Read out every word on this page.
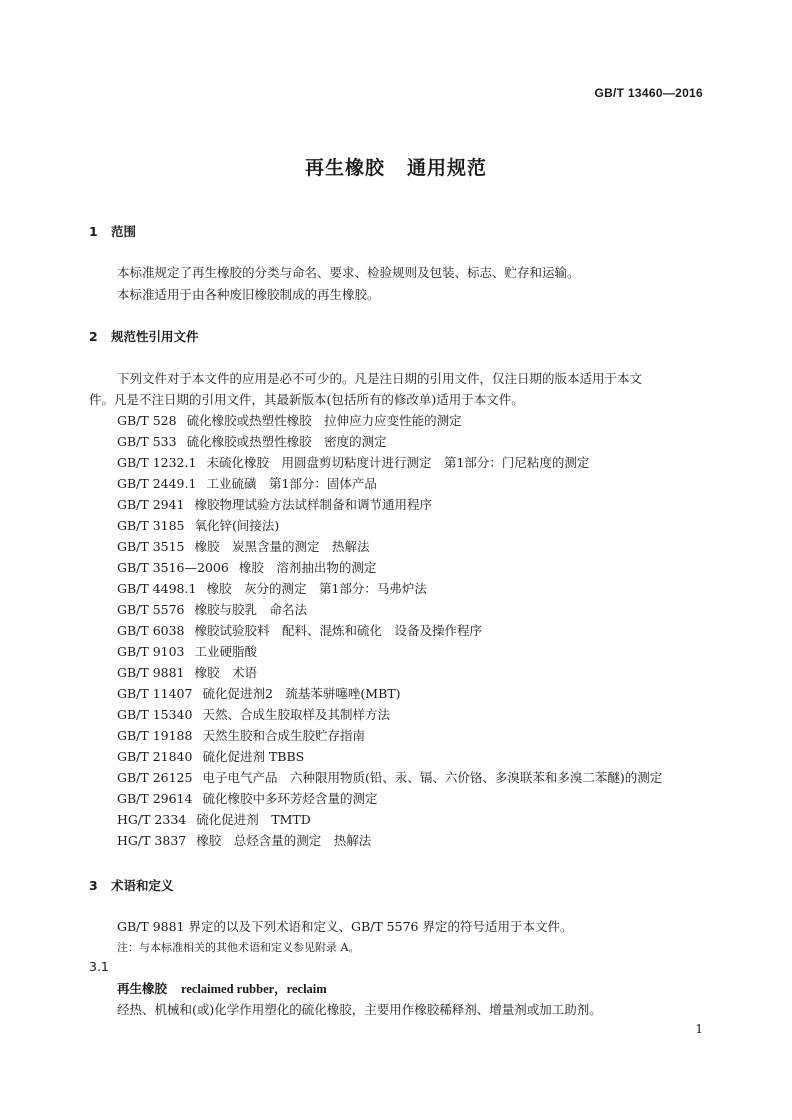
GB/T 13460—2016
再生橡胶 通用规范
1 范围
本标准规定了再生橡胶的分类与命名、要求、检验规则及包装、标志、贮存和运输。
本标准适用于由各种废旧橡胶制成的再生橡胶。
2 规范性引用文件
下列文件对于本文件的应用是必不可少的。凡是注日期的引用文件，仅注日期的版本适用于本文
件。凡是不注日期的引用文件，其最新版本(包括所有的修改单)适用于本文件。
GB/T 528 硫化橡胶或热塑性橡胶　拉伸应力应变性能的测定
GB/T 533 硫化橡胶或热塑性橡胶　密度的测定
GB/T 1232.1 未硫化橡胶　用圆盘剪切粘度计进行测定　第1部分：门尼粘度的测定
GB/T 2449.1 工业硫磺　第1部分：固体产品
GB/T 2941 橡胶物理试验方法试样制备和调节通用程序
GB/T 3185 氧化锌(间接法)
GB/T 3515 橡胶　炭黑含量的测定　热解法
GB/T 3516—2006 橡胶　溶剂抽出物的测定
GB/T 4498.1 橡胶　灰分的测定　第1部分：马弗炉法
GB/T 5576 橡胶与胶乳　命名法
GB/T 6038 橡胶试验胶料　配料、混炼和硫化　设备及操作程序
GB/T 9103 工业硬脂酸
GB/T 9881 橡胶　术语
GB/T 11407 硫化促进剂2　巯基苯骈噻唑(MBT)
GB/T 15340 天然、合成生胶取样及其制样方法
GB/T 19188 天然生胶和合成生胶贮存指南
GB/T 21840 硫化促进剂 TBBS
GB/T 26125 电子电气产品　六种限用物质(铅、汞、镉、六价铬、多溴联苯和多溴二苯醚)的测定
GB/T 29614 硫化橡胶中多环芳烃含量的测定
HG/T 2334 硫化促进剂　TMTD
HG/T 3837 橡胶　总烃含量的测定　热解法
3 术语和定义
GB/T 9881 界定的以及下列术语和定义、GB/T 5576 界定的符号适用于本文件。
注：与本标准相关的其他术语和定义参见附录 A。
3.1
再生橡胶 reclaimed rubber，reclaim
经热、机械和(或)化学作用塑化的硫化橡胶，主要用作橡胶稀释剂、增量剂或加工助剂。
1
